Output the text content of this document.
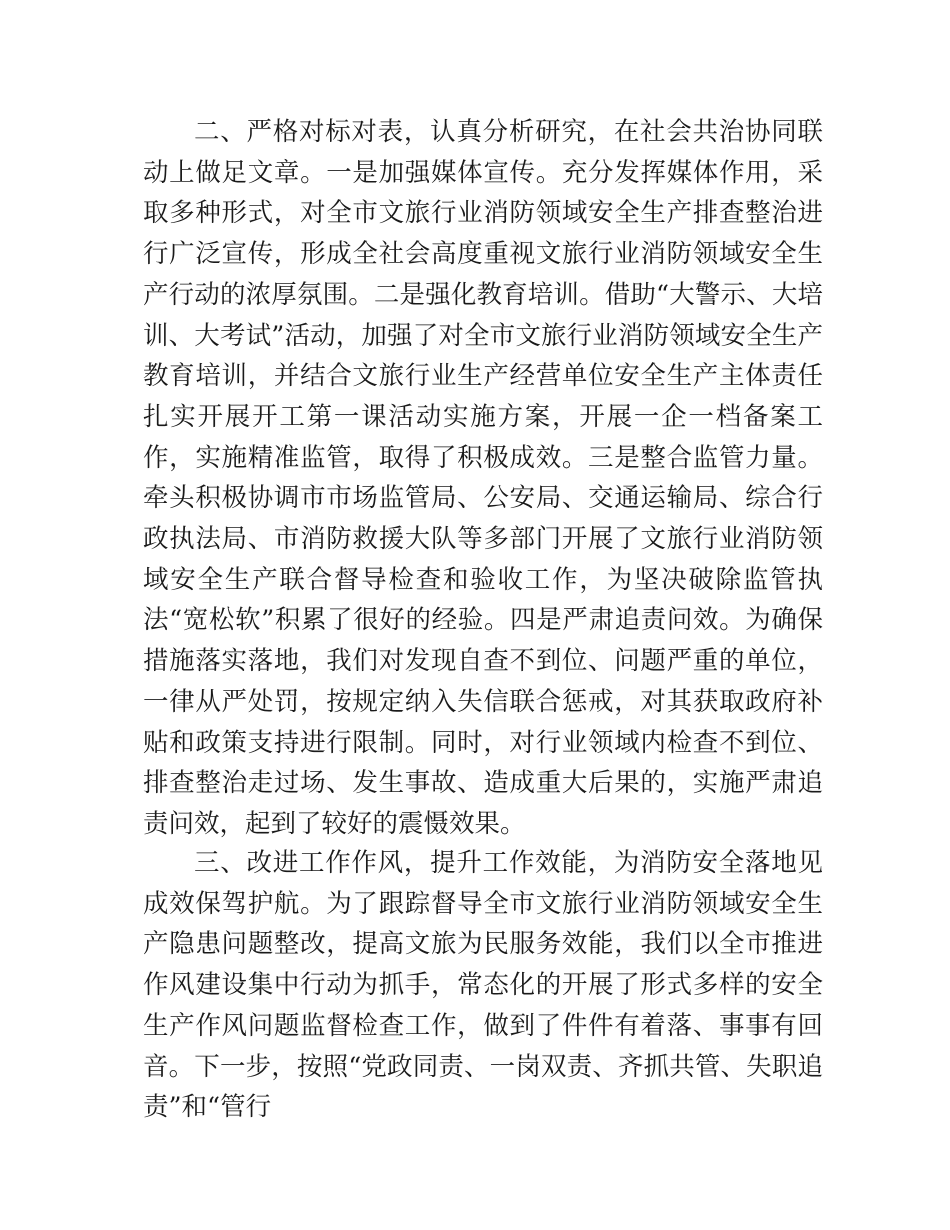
二、严格对标对表，认真分析研究，在社会共治协同联动上做足文章。一是加强媒体宣传。充分发挥媒体作用，采取多种形式，对全市文旅行业消防领域安全生产排查整治进行广泛宣传，形成全社会高度重视文旅行业消防领域安全生产行动的浓厚氛围。二是强化教育培训。借助“大警示、大培训、大考试”活动，加强了对全市文旅行业消防领域安全生产教育培训，并结合文旅行业生产经营单位安全生产主体责任扎实开展开工第一课活动实施方案，开展一企一档备案工作，实施精准监管，取得了积极成效。三是整合监管力量。牵头积极协调市市场监管局、公安局、交通运输局、综合行政执法局、市消防救援大队等多部门开展了文旅行业消防领域安全生产联合督导检查和验收工作，为坚决破除监管执法“宽松软”积累了很好的经验。四是严肃追责问效。为确保措施落实落地，我们对发现自查不到位、问题严重的单位，一律从严处罚，按规定纳入失信联合惩戒，对其获取政府补贴和政策支持进行限制。同时，对行业领域内检查不到位、排查整治走过场、发生事故、造成重大后果的，实施严肃追责问效，起到了较好的震慑效果。

三、改进工作作风，提升工作效能，为消防安全落地见成效保驾护航。为了跟踪督导全市文旅行业消防领域安全生产隐患问题整改，提高文旅为民服务效能，我们以全市推进作风建设集中行动为抓手，常态化的开展了形式多样的安全生产作风问题监督检查工作，做到了件件有着落、事事有回音。下一步，按照“党政同责、一岗双责、齐抓共管、失职追责”和“管行
